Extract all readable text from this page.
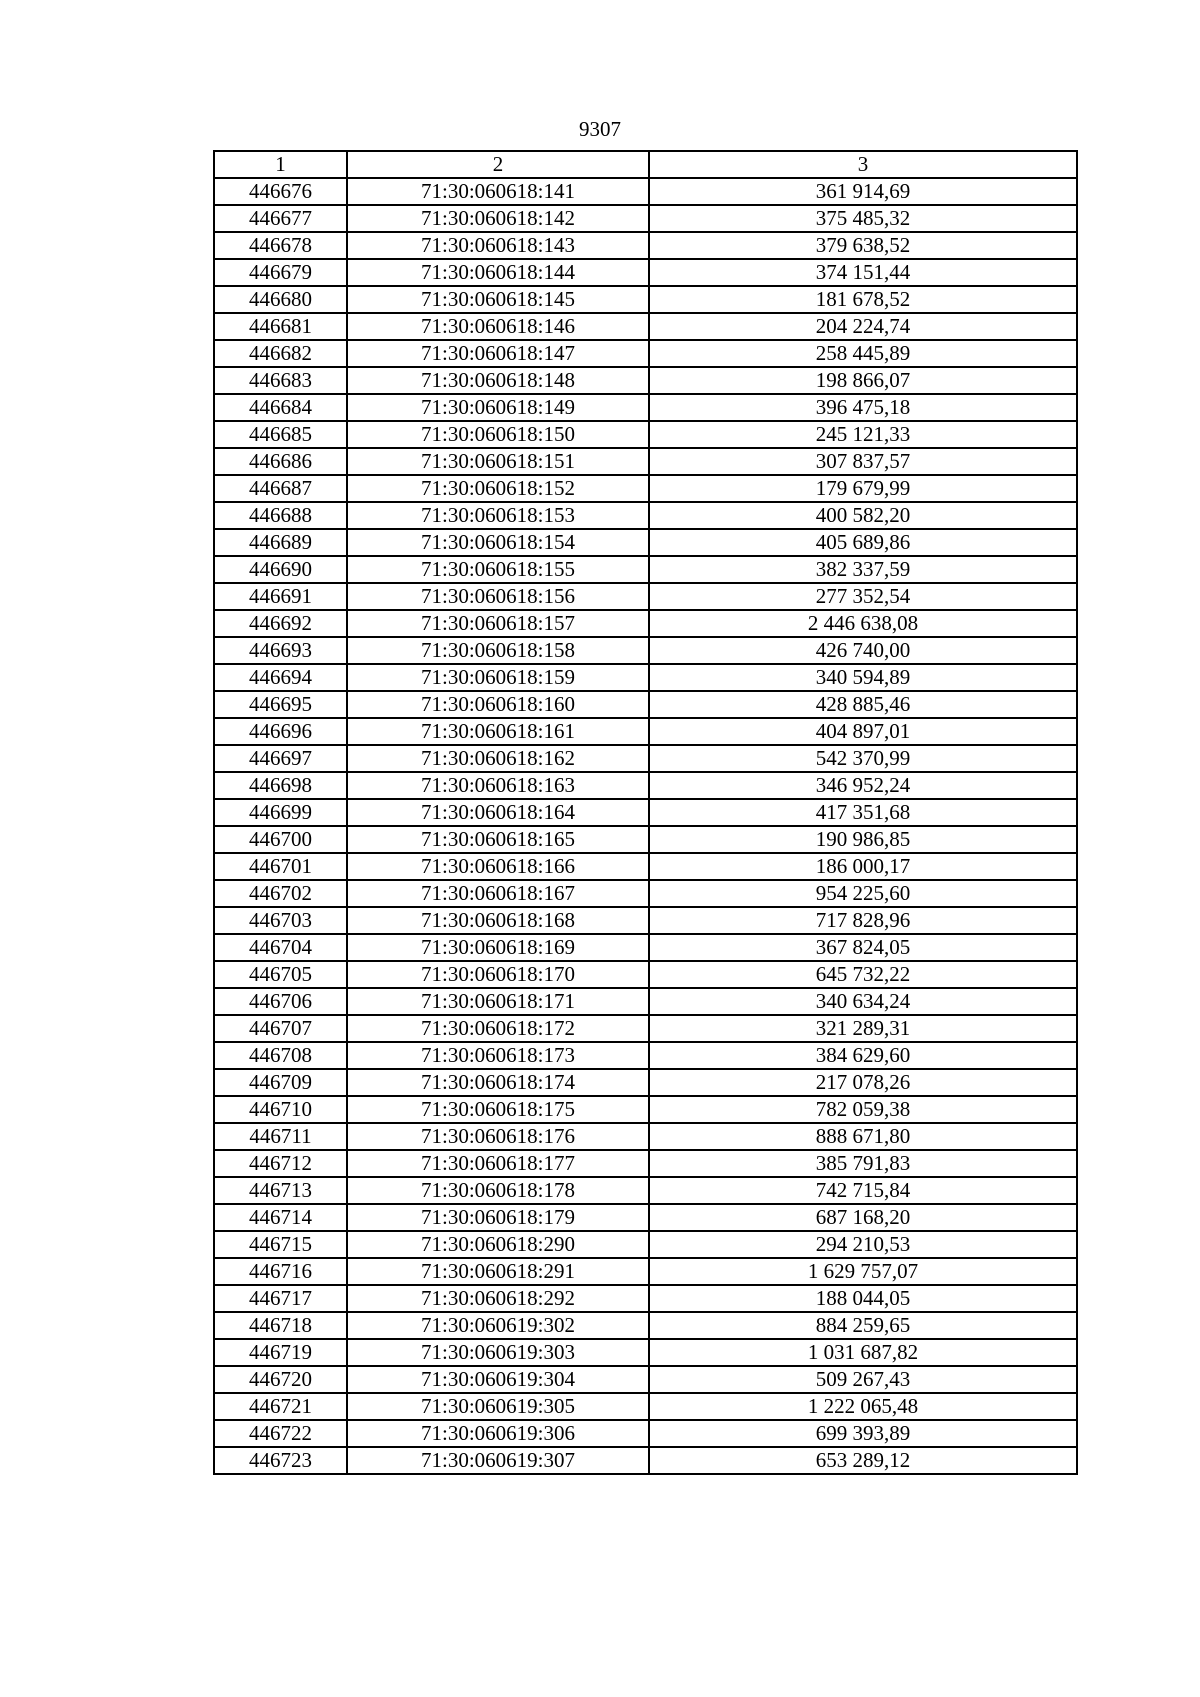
9307
1	2	3
446676	71:30:060618:141	361 914,69
446677	71:30:060618:142	375 485,32
446678	71:30:060618:143	379 638,52
446679	71:30:060618:144	374 151,44
446680	71:30:060618:145	181 678,52
446681	71:30:060618:146	204 224,74
446682	71:30:060618:147	258 445,89
446683	71:30:060618:148	198 866,07
446684	71:30:060618:149	396 475,18
446685	71:30:060618:150	245 121,33
446686	71:30:060618:151	307 837,57
446687	71:30:060618:152	179 679,99
446688	71:30:060618:153	400 582,20
446689	71:30:060618:154	405 689,86
446690	71:30:060618:155	382 337,59
446691	71:30:060618:156	277 352,54
446692	71:30:060618:157	2 446 638,08
446693	71:30:060618:158	426 740,00
446694	71:30:060618:159	340 594,89
446695	71:30:060618:160	428 885,46
446696	71:30:060618:161	404 897,01
446697	71:30:060618:162	542 370,99
446698	71:30:060618:163	346 952,24
446699	71:30:060618:164	417 351,68
446700	71:30:060618:165	190 986,85
446701	71:30:060618:166	186 000,17
446702	71:30:060618:167	954 225,60
446703	71:30:060618:168	717 828,96
446704	71:30:060618:169	367 824,05
446705	71:30:060618:170	645 732,22
446706	71:30:060618:171	340 634,24
446707	71:30:060618:172	321 289,31
446708	71:30:060618:173	384 629,60
446709	71:30:060618:174	217 078,26
446710	71:30:060618:175	782 059,38
446711	71:30:060618:176	888 671,80
446712	71:30:060618:177	385 791,83
446713	71:30:060618:178	742 715,84
446714	71:30:060618:179	687 168,20
446715	71:30:060618:290	294 210,53
446716	71:30:060618:291	1 629 757,07
446717	71:30:060618:292	188 044,05
446718	71:30:060619:302	884 259,65
446719	71:30:060619:303	1 031 687,82
446720	71:30:060619:304	509 267,43
446721	71:30:060619:305	1 222 065,48
446722	71:30:060619:306	699 393,89
446723	71:30:060619:307	653 289,12
